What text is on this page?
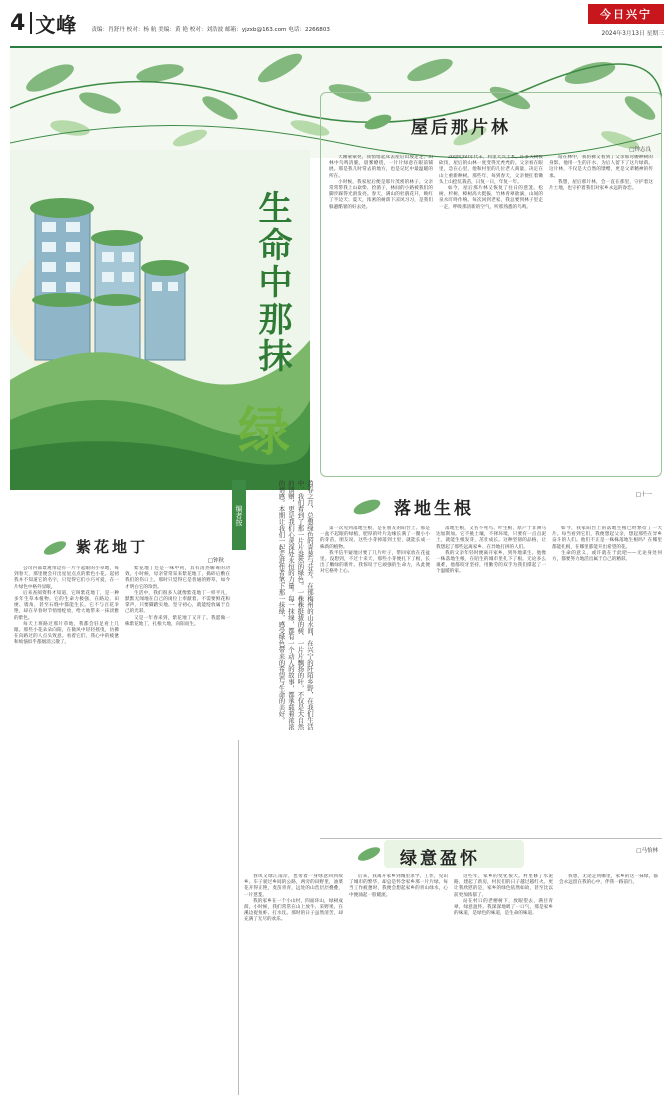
4 文峰	责编：肖舒丹 校对：杨 航 美编：黄 艳 校对：刘浩波 邮箱：yjzxb@163.com 电话：2266803
今日兴宁
2024年3月13日 星期三
生命中那抹
绿
编者按	盈春之月，总想绿色的青葱与芬芳。在那梅州的山水间，在兴宁的阡陌乡野，在我们生活中，我们看到了那一片片盎然的绿色。一株株挺拔的树、一片片飘扬的叶，不仅是大自然的馈赠，更是我们心灵深处永恒的力量。每一抹绿，都有一个动人的故事，都承载着浓浓的情感。本期让我们一起走进作者笔下那一抹绿，感受绿色带来的希望与生命的美好。
屋后那片林
□钟志良

天刚蒙蒙亮，我悄悄起床去屋后山坡走走。山林中鸟鸣清脆，晨雾缭绕，一片片绿意在眼前铺展。那是我儿时常去的地方，也是记忆中最温暖的所在。

小时候，我家屋后便是那片茂密的林子。父亲常常带我上山砍柴、捡菌子，林间的小路被我们的脚步踩得光滑发亮。春天，满山的杜鹃花开，映红了半边天；夏天，浓密的树荫下凉风习习，是我们躲避酷暑的好去处。

20世纪60年代末，村里大兴土木，许多大树被砍伐，屋后的山林一度变得光秃秃的。父亲看在眼里，急在心里，他和村里的几位老人商量，决定在山上重新种树。那些年，每到春天，父亲便扛着锄头上山挖坑栽苗，日复一日，年复一年。

如今，屋后那片林又恢复了往日的葱茏。松树、杉树、樟树高大挺拔，竹林青翠欲滴，山间的泉水叮咚作响。每次回到老家，我总要到林子里走一走，呼吸那清新的空气，听那熟悉的鸟鸣。

站在林中，我仿佛又看到了父亲那弯腰种树的身影。他用一生的汗水，为后人留下了这片绿荫。这片林，不仅是大自然的馈赠，更是父辈精神的传承。

我想，屋后那片林，会一直在那里，守护着这片土地，也守护着我们对家乡永远的眷恋。

紫花地丁
□钟秋

公司内部景观带边有一片不起眼的小草地，每到春天，那里便会开出星星点点的紫色小花。起初我并不知道它的名字，只觉得它们小巧可爱，在一片绿色中格外显眼。

后来查阅资料才知道，它叫紫花地丁，是一种多年生草本植物。它的生命力极强，在路边、田埂、墙角，甚至石缝中都能生长。它不与百花争艳，却在早春时节悄悄绽放，给大地带来一抹淡雅的紫色。

每天上班路过那片草地，我都会驻足看上几眼。那些小花朵朵向阳，在微风中轻轻摇曳，仿佛在向路过的人点头致意。看着它们，我心中的疲惫和烦恼似乎都烟消云散了。

紫花地丁还是一味中药，具有清热解毒的功效。小时候，母亲常常采来紫花地丁，捣碎后敷在我们的伤口上。那时只觉得它是普通的野草，如今才明白它的珍贵。

生活中，我们很多人就像紫花地丁一样平凡，默默无闻地在自己的岗位上奉献着。不需要鲜花和掌声，只要脚踏实地、坚守初心，就能绽放属于自己的光彩。

又是一年春来到，紫花地丁又开了。我愿做一株紫花地丁，扎根大地，向阳而生。

落地生根
□十一

第一次见到落地生根，是在朋友的阳台上。那是一盆不起眼的绿植，肥厚的叶片边缘长满了一圈小小的芽苗，朋友说，这些小芽掉落到土里，就能长成一株新的植物。

我半信半疑地讨要了几片叶子，带回家放在花盆里。没想到，不过十来天，那些小芽便扎下了根，长出了嫩绿的新叶。我惊叹于它顽强的生命力，从此便对它格外上心。

落地生根，又名不死鸟、叶生根，原产于非洲马达加斯加。它不挑土壤，不择环境，只要有一点点泥土，就能生根发芽，茁壮成长。这种坚韧的品格，让我想起了那些远离家乡、在异地打拼的人们。

我的父亲年轻时便离开家乡，到外地谋生。他像一株落地生根，在陌生的城市里扎下了根。无论多么艰难，他都咬牙坚持，用勤劳的双手为我们撑起了一个温暖的家。

如今，我家阳台上的落地生根已经繁衍了一大片。每当看到它们，我便想起父亲，想起那些在异乡奋斗的人们。他们不正是一株株落地生根吗？在哪里都能扎根，在哪里都能开出希望的花。

生命的意义，或许就在于此吧——无论身处何方，都要努力地活出属于自己的精彩。

绿意盈怀	□马怡林

春风又绿江南岸，也带着一身绿意回到故乡。车子驶过乡间的公路，两旁的田野里，油菜花开得正艳，麦苗青青，远处的山峦层层叠叠，一片葱茏。

我的家乡在一个小山村，四面环山，绿树成荫。小时候，我们常常在山上放牛、采野果，在溪边捉鱼虾、打水仗。那时的日子虽然清苦，却充满了无尽的欢乐。

后来，我离开家乡到城里求学、工作，见识了城市的繁华，却总是怀念家乡那一片片绿。每当工作疲惫时，我便会想起家乡的青山绿水，心中便涌起一股暖流。

这些年，家乡的变化很大。村里修了水泥路，建起了新房，村民们的日子越过越红火。更让我欣慰的是，家乡的绿色依然如故，甚至比以前更加浓郁了。

站在村口的老榕树下，放眼望去，满目青翠，绿意盈怀。我深深地吸了一口气，那是家乡的味道，是绿色的味道，是生命的味道。

我想，无论走到哪里，家乡的这一抹绿，都会永远留在我的心中，伴我一路前行。
